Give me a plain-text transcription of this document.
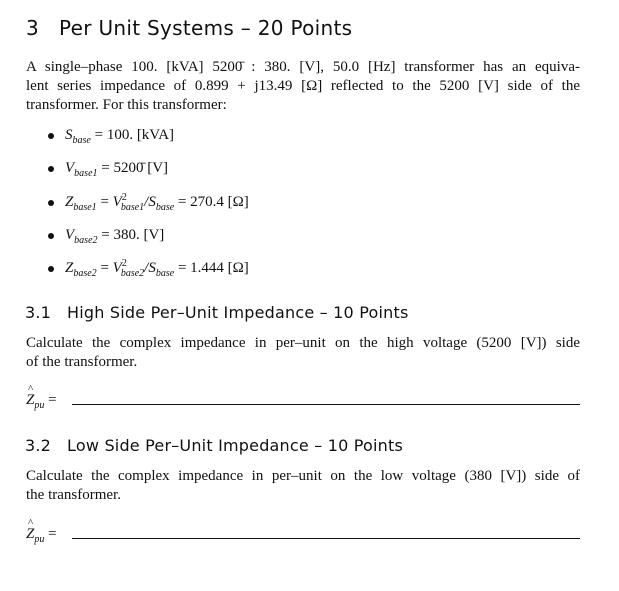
3 Per Unit Systems – 20 Points
A single–phase 100. [kVA] 5200̄ : 380. [V], 50.0 [Hz] transformer has an equiva-
lent series impedance of 0.899 + j13.49 [Ω] reflected to the 5200 [V] side of the
transformer. For this transformer:
$S_{base} = 100$. [kVA]
$V_{base1}$ = 5200̄ [V]
$Z_{base1} = V^2_{base1}/S_{base} = 270.4$ [Ω]
$V_{base2} = 380$. [V]
$Z_{base2} = V^2_{base2}/S_{base} = 1.444$ [Ω]
3.1 High Side Per–Unit Impedance – 10 Points
Calculate the complex impedance in per–unit on the high voltage (5200 [V]) side
of the transformer.
^ $Z_{pu}$ =
3.2 Low Side Per–Unit Impedance – 10 Points
Calculate the complex impedance in per–unit on the low voltage (380 [V]) side of
the transformer.
^ $Z_{pu}$ =
